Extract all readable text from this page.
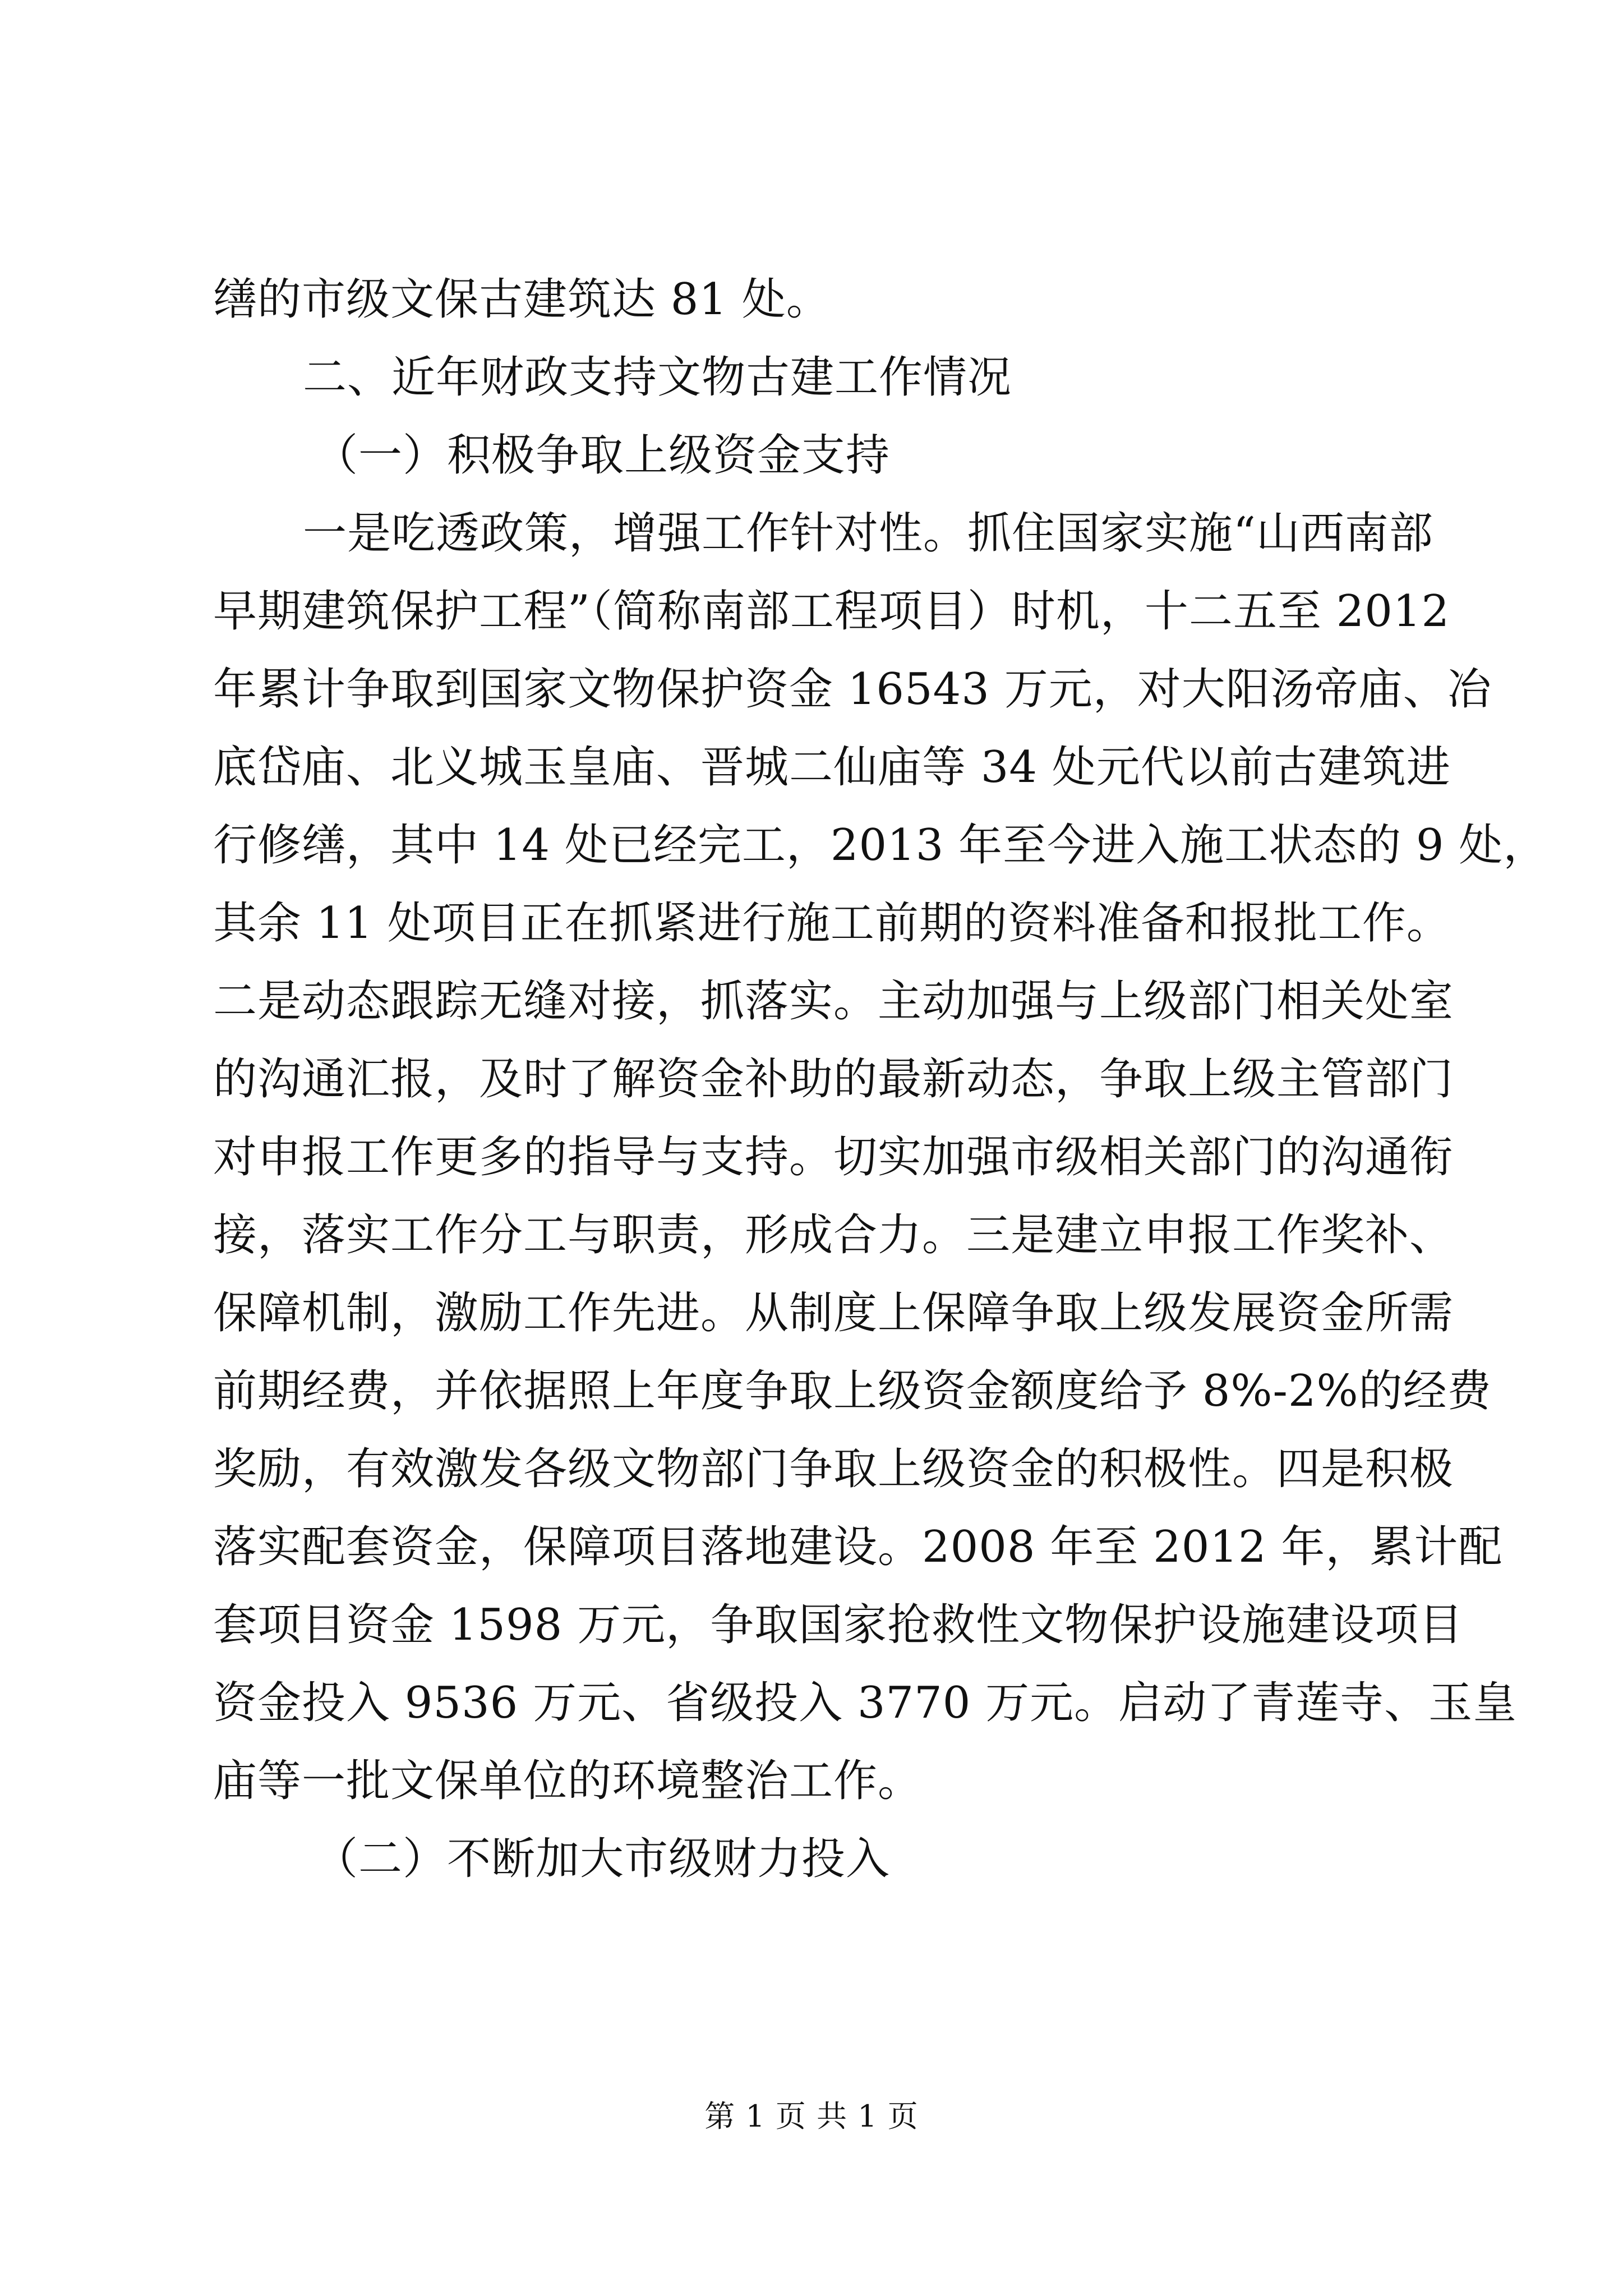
缮的市级文保古建筑达 81 处。
二、近年财政支持文物古建工作情况
（一）积极争取上级资金支持
一是吃透政策，增强工作针对性。抓住国家实施“山西南部
早期建筑保护工程”（简称南部工程项目）时机，十二五至 2012
年累计争取到国家文物保护资金 16543 万元，对大阳汤帝庙、冶
底岱庙、北义城玉皇庙、晋城二仙庙等 34 处元代以前古建筑进
行修缮，其中 14 处已经完工，2013 年至今进入施工状态的 9 处，
其余 11 处项目正在抓紧进行施工前期的资料准备和报批工作。
二是动态跟踪无缝对接，抓落实。主动加强与上级部门相关处室
的沟通汇报，及时了解资金补助的最新动态，争取上级主管部门
对申报工作更多的指导与支持。切实加强市级相关部门的沟通衔
接，落实工作分工与职责，形成合力。三是建立申报工作奖补、
保障机制，激励工作先进。从制度上保障争取上级发展资金所需
前期经费，并依据照上年度争取上级资金额度给予 8%-2%的经费
奖励，有效激发各级文物部门争取上级资金的积极性。四是积极
落实配套资金，保障项目落地建设。2008 年至 2012 年，累计配
套项目资金 1598 万元，争取国家抢救性文物保护设施建设项目
资金投入 9536 万元、省级投入 3770 万元。启动了青莲寺、玉皇
庙等一批文保单位的环境整治工作。
（二）不断加大市级财力投入
第 1 页 共 1 页
